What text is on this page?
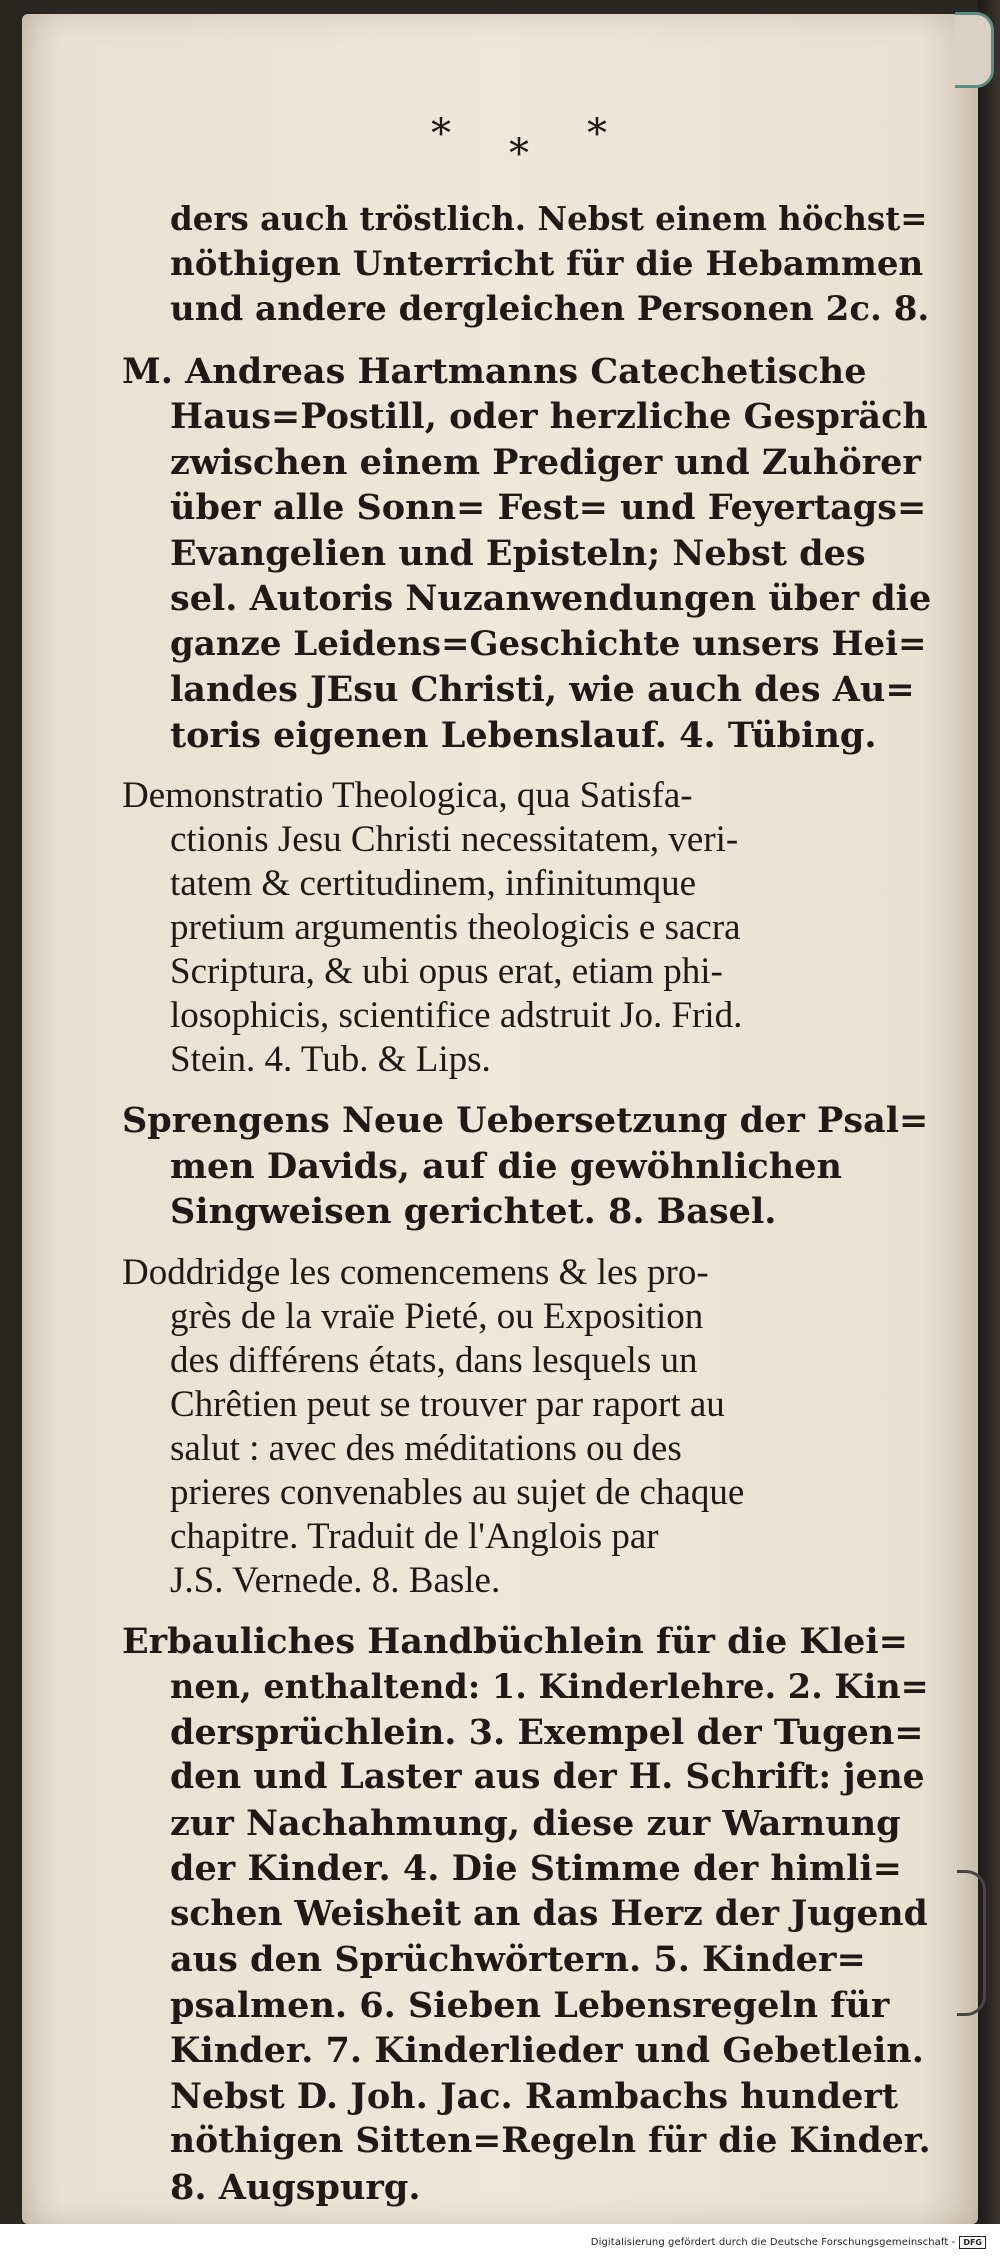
* * *
ders auch tröstlich. Nebst einem höchst=
nöthigen Unterricht für die Hebammen
und andere dergleichen Personen 2c. 8.
M. Andreas Hartmanns Catechetische
Haus=Postill, oder herzliche Gespräch
zwischen einem Prediger und Zuhörer
über alle Sonn= Fest= und Feyertags=
Evangelien und Episteln; Nebst des
sel. Autoris Nuzanwendungen über die
ganze Leidens=Geschichte unsers Hei=
landes JEsu Christi, wie auch des Au=
toris eigenen Lebenslauf. 4. Tübing.
Demonstratio Theologica, qua Satisfa-
ctionis Jesu Christi necessitatem, veri-
tatem & certitudinem, infinitumque
pretium argumentis theologicis e sacra
Scriptura, & ubi opus erat, etiam phi-
losophicis, scientifice adstruit Jo. Frid.
Stein. 4. Tub. & Lips.
Sprengens Neue Uebersetzung der Psal=
men Davids, auf die gewöhnlichen
Singweisen gerichtet. 8. Basel.
Doddridge les comencemens & les pro-
grès de la vraïe Pieté, ou Exposition
des différens états, dans lesquels un
Chrêtien peut se trouver par raport au
salut : avec des méditations ou des
prieres convenables au sujet de chaque
chapitre. Traduit de l'Anglois par
J.S. Vernede. 8. Basle.
Erbauliches Handbüchlein für die Klei=
nen, enthaltend: 1. Kinderlehre. 2. Kin=
dersprüchlein. 3. Exempel der Tugen=
den und Laster aus der H. Schrift: jene
zur Nachahmung, diese zur Warnung
der Kinder. 4. Die Stimme der himli=
schen Weisheit an das Herz der Jugend
aus den Sprüchwörtern. 5. Kinder=
psalmen. 6. Sieben Lebensregeln für
Kinder. 7. Kinderlieder und Gebetlein.
Nebst D. Joh. Jac. Rambachs hundert
nöthigen Sitten=Regeln für die Kinder.
8. Augspurg.
Digitalisierung gefördert durch die Deutsche Forschungsgemeinschaft -	DFG
